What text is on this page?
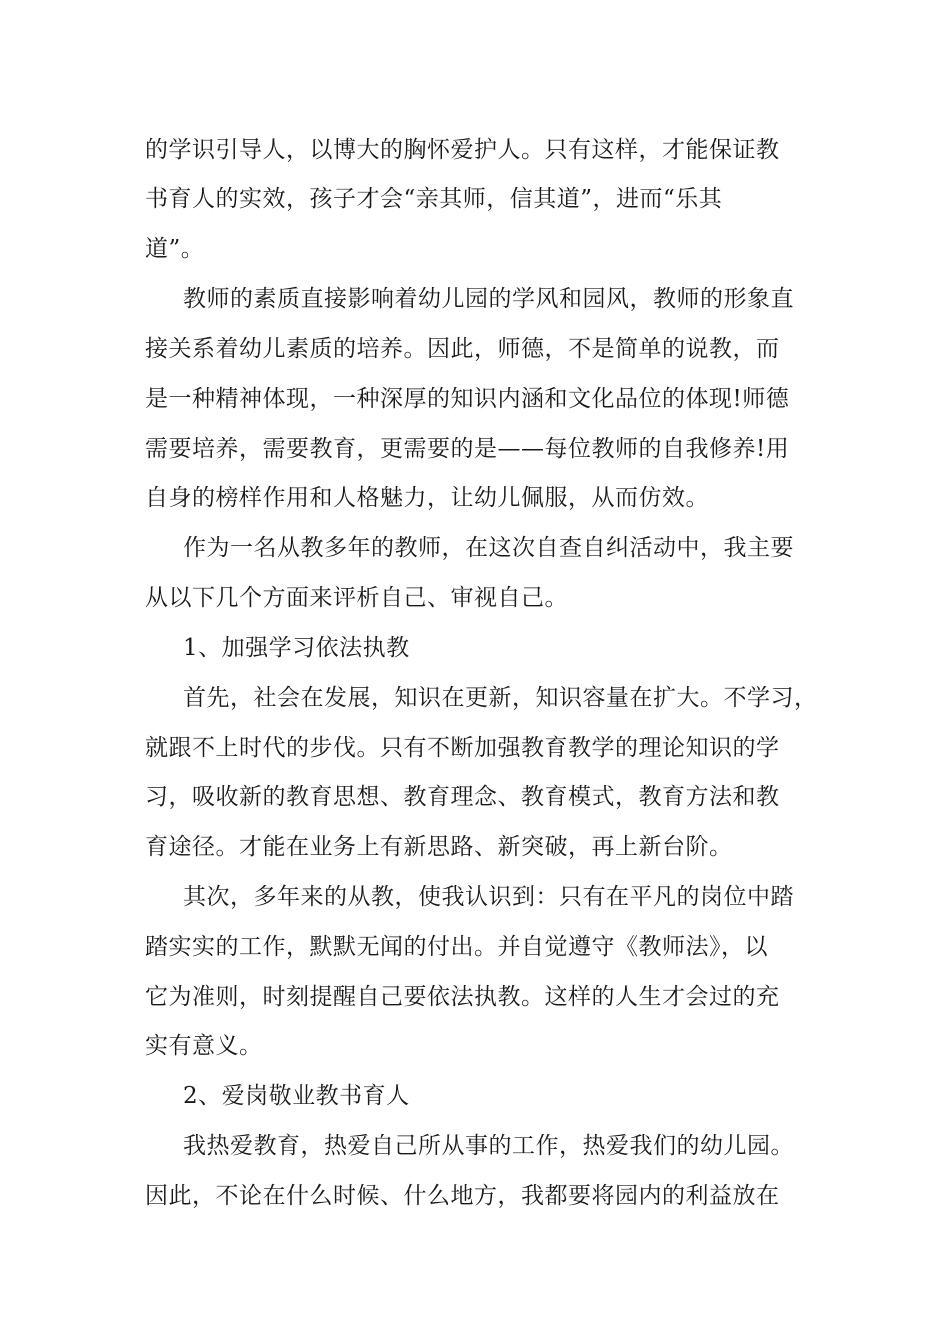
的学识引导人，以博大的胸怀爱护人。只有这样，才能保证教
书育人的实效，孩子才会“亲其师，信其道”，进而“乐其
道”。
教师的素质直接影响着幼儿园的学风和园风，教师的形象直
接关系着幼儿素质的培养。因此，师德，不是简单的说教，而
是一种精神体现，一种深厚的知识内涵和文化品位的体现!师德
需要培养，需要教育，更需要的是——每位教师的自我修养!用
自身的榜样作用和人格魅力，让幼儿佩服，从而仿效。
作为一名从教多年的教师，在这次自查自纠活动中，我主要
从以下几个方面来评析自己、审视自己。
1、加强学习依法执教
首先，社会在发展，知识在更新，知识容量在扩大。不学习，
就跟不上时代的步伐。只有不断加强教育教学的理论知识的学
习，吸收新的教育思想、教育理念、教育模式，教育方法和教
育途径。才能在业务上有新思路、新突破，再上新台阶。
其次，多年来的从教，使我认识到：只有在平凡的岗位中踏
踏实实的工作，默默无闻的付出。并自觉遵守《教师法》，以
它为准则，时刻提醒自己要依法执教。这样的人生才会过的充
实有意义。
2、爱岗敬业教书育人
我热爱教育，热爱自己所从事的工作，热爱我们的幼儿园。
因此，不论在什么时候、什么地方，我都要将园内的利益放在
